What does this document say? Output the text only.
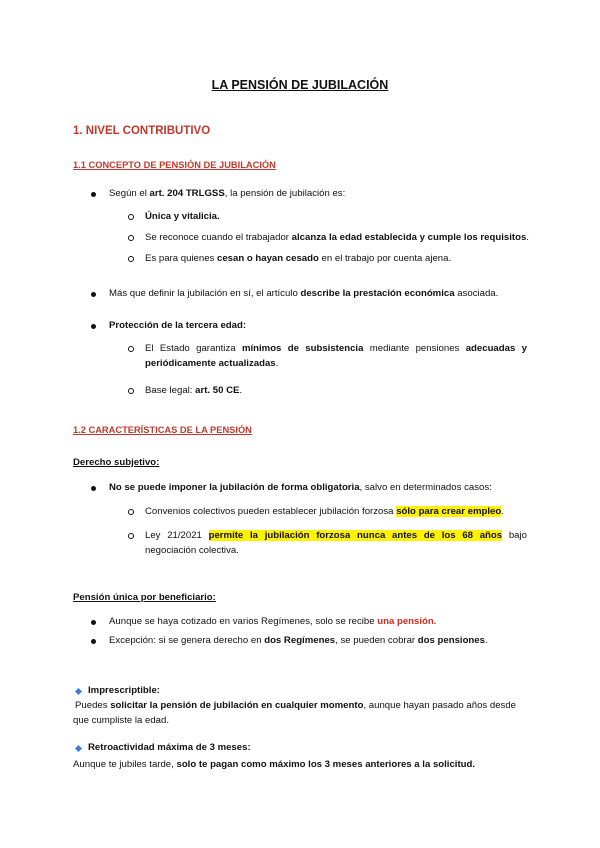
LA PENSIÓN DE JUBILACIÓN
1. NIVEL CONTRIBUTIVO
1.1 CONCEPTO DE PENSIÓN DE JUBILACIÓN
Según el art. 204 TRLGSS, la pensión de jubilación es:
Única y vitalicia.
Se reconoce cuando el trabajador alcanza la edad establecida y cumple los requisitos.
Es para quienes cesan o hayan cesado en el trabajo por cuenta ajena.
Más que definir la jubilación en sí, el artículo describe la prestación económica asociada.
Protección de la tercera edad:
El Estado garantiza mínimos de subsistencia mediante pensiones adecuadas y
periódicamente actualizadas.
Base legal: art. 50 CE.
1.2 CARACTERÍSTICAS DE LA PENSIÓN
Derecho subjetivo:
No se puede imponer la jubilación de forma obligatoria, salvo en determinados casos:
Convenios colectivos pueden establecer jubilación forzosa sólo para crear empleo.
Ley 21/2021 permite la jubilación forzosa nunca antes de los 68 años bajo
negociación colectiva.
Pensión única por beneficiario:
Aunque se haya cotizado en varios Regímenes, solo se recibe una pensión.
Excepción: si se genera derecho en dos Regímenes, se pueden cobrar dos pensiones.
Imprescriptible:
Puedes solicitar la pensión de jubilación en cualquier momento, aunque hayan pasado años desde
que cumpliste la edad.
Retroactividad máxima de 3 meses:
Aunque te jubiles tarde, solo te pagan como máximo los 3 meses anteriores a la solicitud.
